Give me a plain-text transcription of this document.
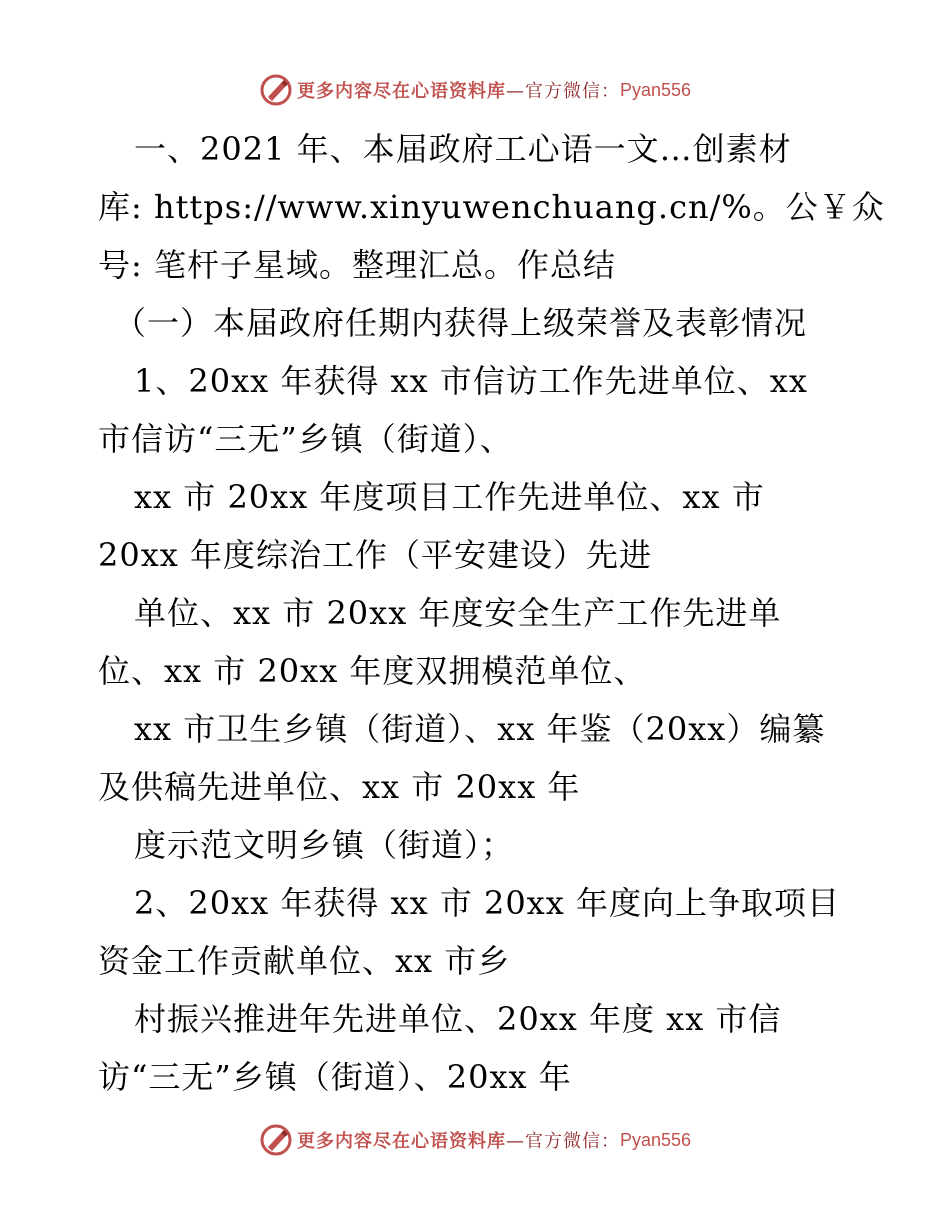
更多内容尽在心语资料库 —官方微信： Pyan556
一、2021 年、本届政府工心语一文…创素材
库: https://www.xinyuwenchuang.cn/%。公￥众
号: 笔杆子星域。整理汇总。作总结
（一）本届政府任期内获得上级荣誉及表彰情况
1、20xx 年获得 xx 市信访工作先进单位、xx
市信访“三无”乡镇（街道）、
xx 市 20xx 年度项目工作先进单位、xx 市
20xx 年度综治工作（平安建设）先进
单位、xx 市 20xx 年度安全生产工作先进单
位、xx 市 20xx 年度双拥模范单位、
xx 市卫生乡镇（街道）、xx 年鉴（20xx）编纂
及供稿先进单位、xx 市 20xx 年
度示范文明乡镇（街道）；
2、20xx 年获得 xx 市 20xx 年度向上争取项目
资金工作贡献单位、xx 市乡
村振兴推进年先进单位、20xx 年度 xx 市信
访“三无”乡镇（街道）、20xx 年
更多内容尽在心语资料库 —官方微信： Pyan556
